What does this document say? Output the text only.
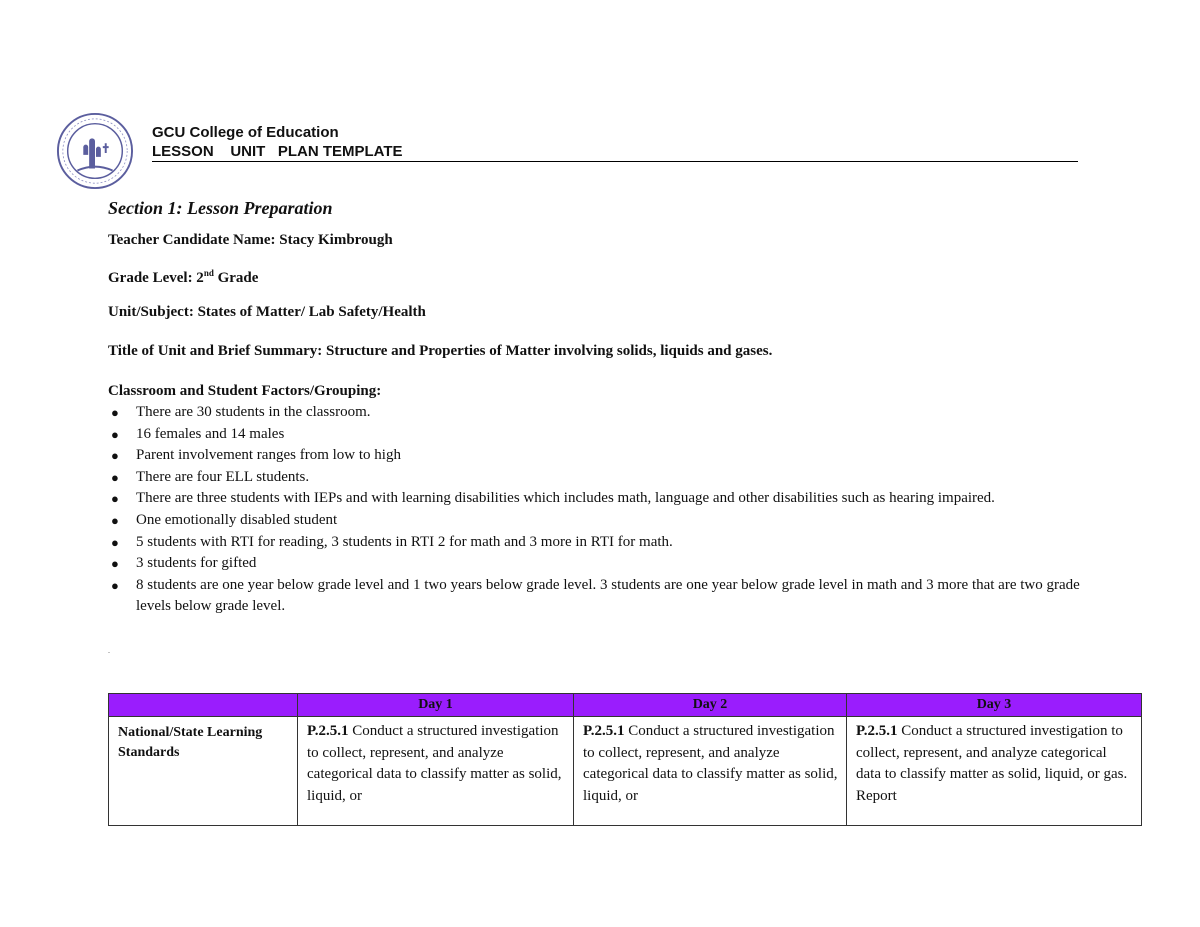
GCU College of Education
LESSON    UNIT   PLAN TEMPLATE
Section 1: Lesson Preparation
Teacher Candidate Name: Stacy Kimbrough
Grade Level: 2nd Grade
Unit/Subject: States of Matter/ Lab Safety/Health
Title of Unit and Brief Summary: Structure and Properties of Matter involving solids, liquids and gases.
Classroom and Student Factors/Grouping:
● There are 30 students in the classroom.
● 16 females and 14 males
● Parent involvement ranges from low to high
● There are four ELL students.
● There are three students with IEPs and with learning disabilities which includes math, language and other disabilities such as hearing impaired.
● One emotionally disabled student
● 5 students with RTI for reading, 3 students in RTI 2 for math and 3 more in RTI for math.
● 3 students for gifted
● 8 students are one year below grade level and 1 two years below grade level. 3 students are one year below grade level in math and 3 more that are two grade levels below grade level.
.
	Day 1	Day 2	Day 3
National/State Learning Standards	P.2.5.1 Conduct a structured investigation to collect, represent, and analyze categorical data to classify matter as solid, liquid, or	P.2.5.1 Conduct a structured investigation to collect, represent, and analyze categorical data to classify matter as solid, liquid, or	P.2.5.1 Conduct a structured investigation to collect, represent, and analyze categorical data to classify matter as solid, liquid, or gas. Report
